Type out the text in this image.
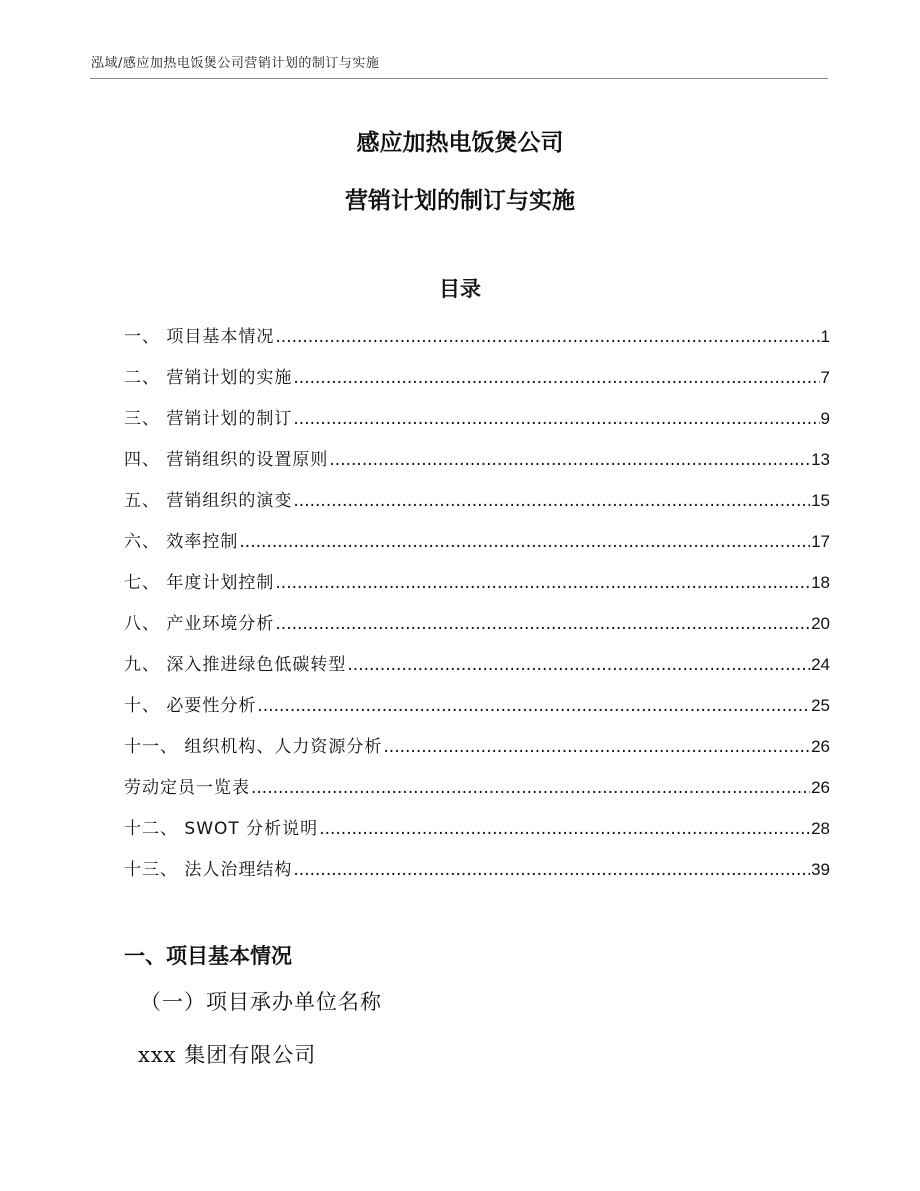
泓域/感应加热电饭煲公司营销计划的制订与实施
感应加热电饭煲公司
营销计划的制订与实施
目录
一、 项目基本情况 .....	1
二、 营销计划的实施 .....	7
三、 营销计划的制订 .....	9
四、 营销组织的设置原则 .....	13
五、 营销组织的演变 .....	15
六、 效率控制 .....	17
七、 年度计划控制 .....	18
八、 产业环境分析 .....	20
九、 深入推进绿色低碳转型 .....	24
十、 必要性分析 .....	25
十一、 组织机构、人力资源分析 .....	26
劳动定员一览表 .....	26
十二、 SWOT 分析说明 .....	28
十三、 法人治理结构 .....	39
一、项目基本情况
（一）项目承办单位名称
xxx 集团有限公司
